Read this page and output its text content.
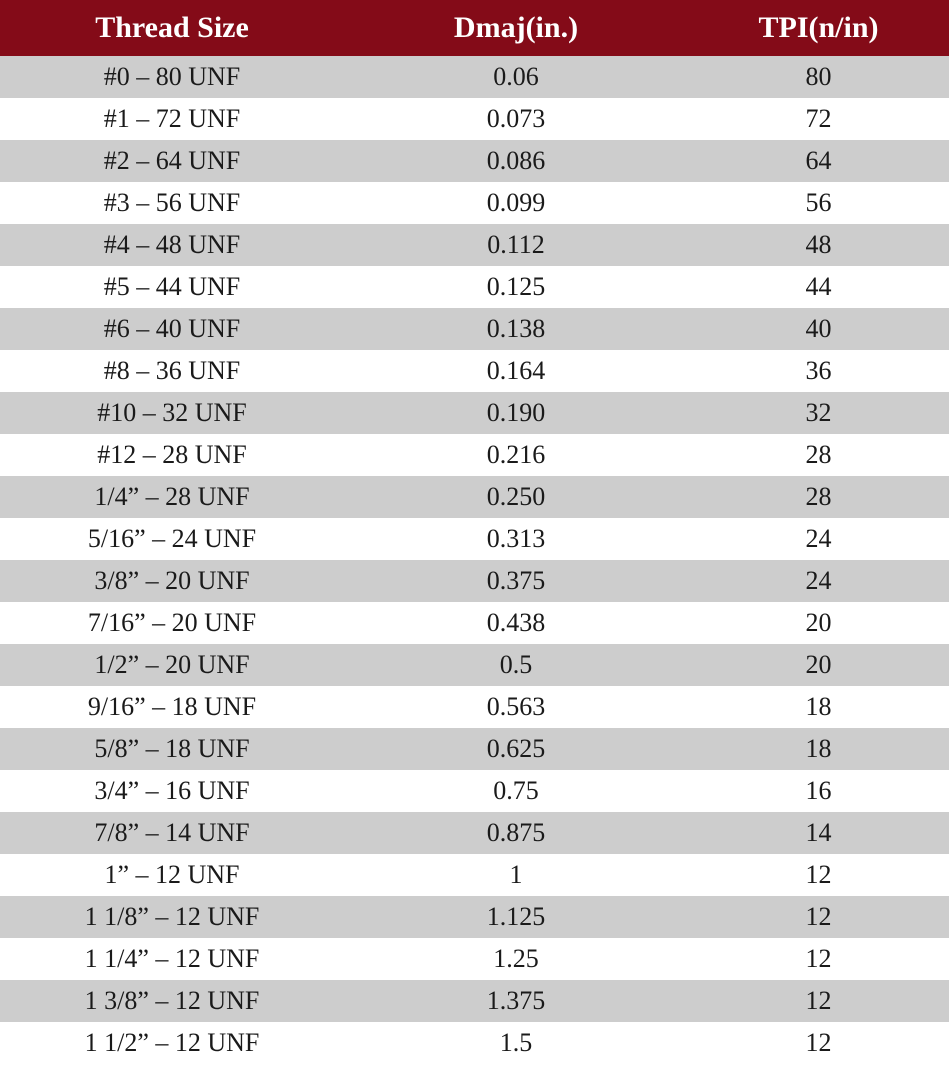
Thread Size	Dmaj(in.)	TPI(n/in)
#0 – 80 UNF	0.06	80
#1 – 72 UNF	0.073	72
#2 – 64 UNF	0.086	64
#3 – 56 UNF	0.099	56
#4 – 48 UNF	0.112	48
#5 – 44 UNF	0.125	44
#6 – 40 UNF	0.138	40
#8 – 36 UNF	0.164	36
#10 – 32 UNF	0.190	32
#12 – 28 UNF	0.216	28
1/4” – 28 UNF	0.250	28
5/16” – 24 UNF	0.313	24
3/8” – 20 UNF	0.375	24
7/16” – 20 UNF	0.438	20
1/2” – 20 UNF	0.5	20
9/16” – 18 UNF	0.563	18
5/8” – 18 UNF	0.625	18
3/4” – 16 UNF	0.75	16
7/8” – 14 UNF	0.875	14
1” – 12 UNF	1	12
1 1/8” – 12 UNF	1.125	12
1 1/4” – 12 UNF	1.25	12
1 3/8” – 12 UNF	1.375	12
1 1/2” – 12 UNF	1.5	12
